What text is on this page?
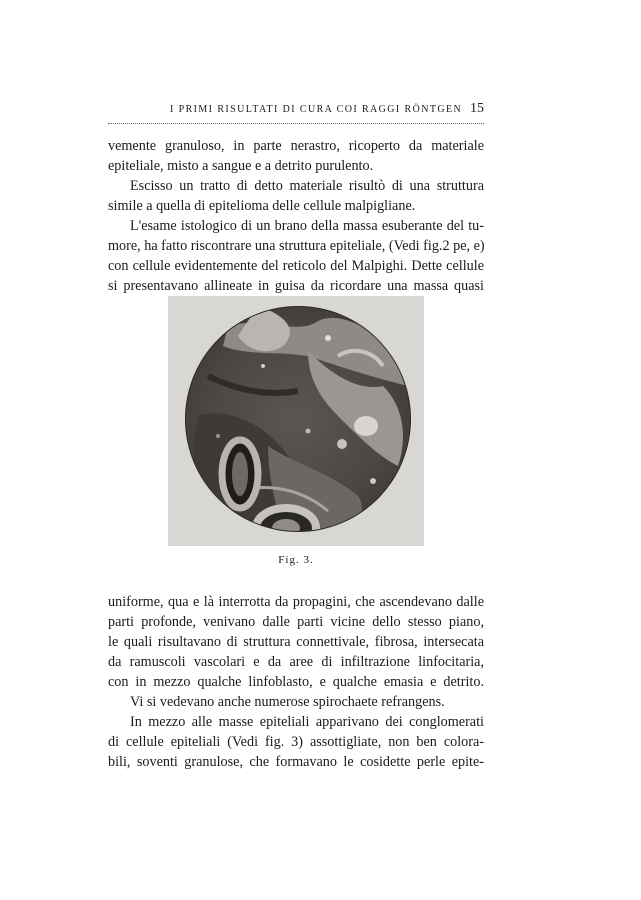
I PRIMI RISULTATI DI CURA COI RAGGI RÖNTGEN 15
vemente granuloso, in parte nerastro, ricoperto da materiale
epiteliale, misto a sangue e a detrito purulento.
Escisso un tratto di detto materiale risultò di una struttura
simile a quella di epitelioma delle cellule malpigliane.
L'esame istologico di un brano della massa esuberante del tu-
more, ha fatto riscontrare una struttura epiteliale, (Vedi fig.2 pe, e)
con cellule evidentemente del reticolo del Malpighi. Dette cellule
si presentavano allineate in guisa da ricordare una massa quasi
Fig. 3.
uniforme, qua e là interrotta da propagini, che ascendevano dalle
parti profonde, venivano dalle parti vicine dello stesso piano,
le quali risultavano di struttura connettivale, fibrosa, intersecata
da ramuscoli vascolari e da aree di infiltrazione linfocitaria,
con in mezzo qualche linfoblasto, e qualche emasia e detrito.
Vi si vedevano anche numerose spirochaete refrangens.
In mezzo alle masse epiteliali apparivano dei conglomerati
di cellule epiteliali (Vedi fig. 3) assottigliate, non ben colora-
bili, soventi granulose, che formavano le cosidette perle epite-
